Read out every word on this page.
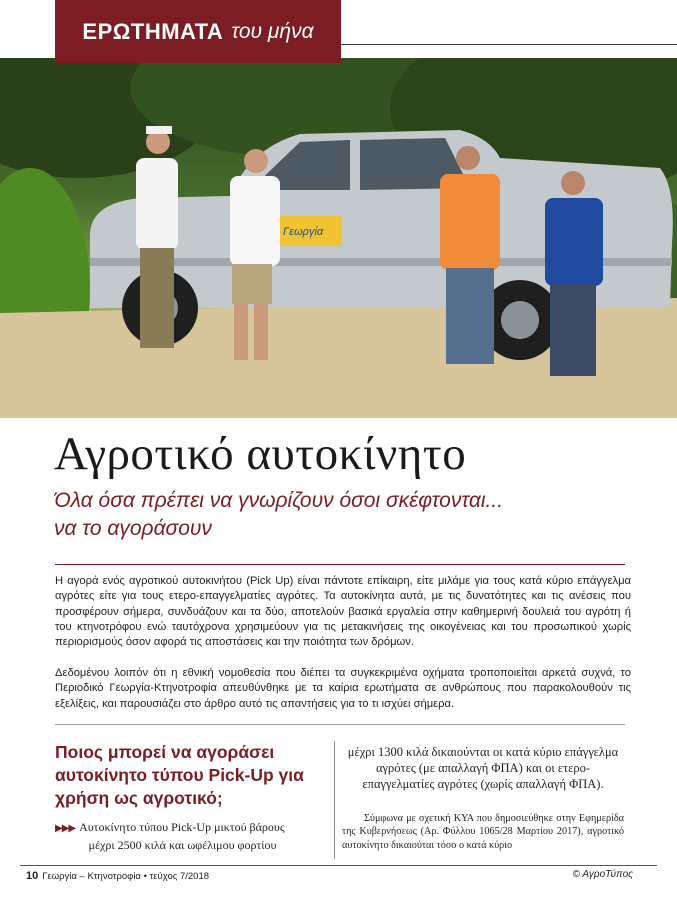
Γεωργία
ΕΡΩΤΗΜΑΤΑ του μήνα
Αγροτικό αυτοκίνητο
Όλα όσα πρέπει να γνωρίζουν όσοι σκέφτονται...
να το αγοράσουν

Η αγορά ενός αγροτικού αυτοκινήτου (Pick Up) είναι πάντοτε επίκαιρη, είτε μιλάμε για τους κατά κύριο επάγγελμα αγρότες είτε για τους ετερο-επαγγελματίες αγρότες. Τα αυτοκίνητα αυτά, με τις δυνατότητες και τις ανέσεις που προσφέρουν σήμερα, συνδυάζουν και τα δύο, αποτελούν βασικά εργαλεία στην καθημερινή δουλειά του αγρότη ή του κτηνοτρόφου ενώ ταυτόχρονα χρησιμεύουν για τις μετακινήσεις της οικογένειας και του προσωπικού χωρίς περιορισμούς όσον αφορά τις αποστάσεις και την ποιότητα των δρόμων.

Δεδομένου λοιπόν ότι η εθνική νομοθεσία που διέπει τα συγκεκριμένα οχήματα τροποποιείται αρκετά συχνά, το Περιοδικό Γεωργία-Κτηνοτροφία απευθύνθηκε με τα καίρια ερωτήματα σε ανθρώπους που παρακολουθούν τις εξελίξεις, και παρουσιάζει στο άρθρο αυτό τις απαντήσεις για το τι ισχύει σήμερα.

Ποιος μπορεί να αγοράσει αυτοκίνητο τύπου Pick-Up για χρήση ως αγροτικό;
▶▶▶ Αυτοκίνητο τύπου Pick-Up μικτού βάρους
μέχρι 2500 κιλά και ωφέλιμου φορτίου
μέχρι 1300 κιλά δικαιούνται οι κατά κύριο επάγγελμα αγρότες (με απαλλαγή ΦΠΑ) και οι ετερο-επαγγελματίες αγρότες (χωρίς απαλλαγή ΦΠΑ).
Σύμφωνα με σχετική ΚΥΑ που δημοσιεύθηκε στην Εφημερίδα της Κυβερνήσεως (Αρ. Φύλλου 1065/28 Μαρτίου 2017), αγροτικό αυτοκίνητο δικαιούται τόσο ο κατά κύριο
10 Γεωργία – Κτηνοτροφία • τεύχος 7/2018	© ΑγροΤύπος
